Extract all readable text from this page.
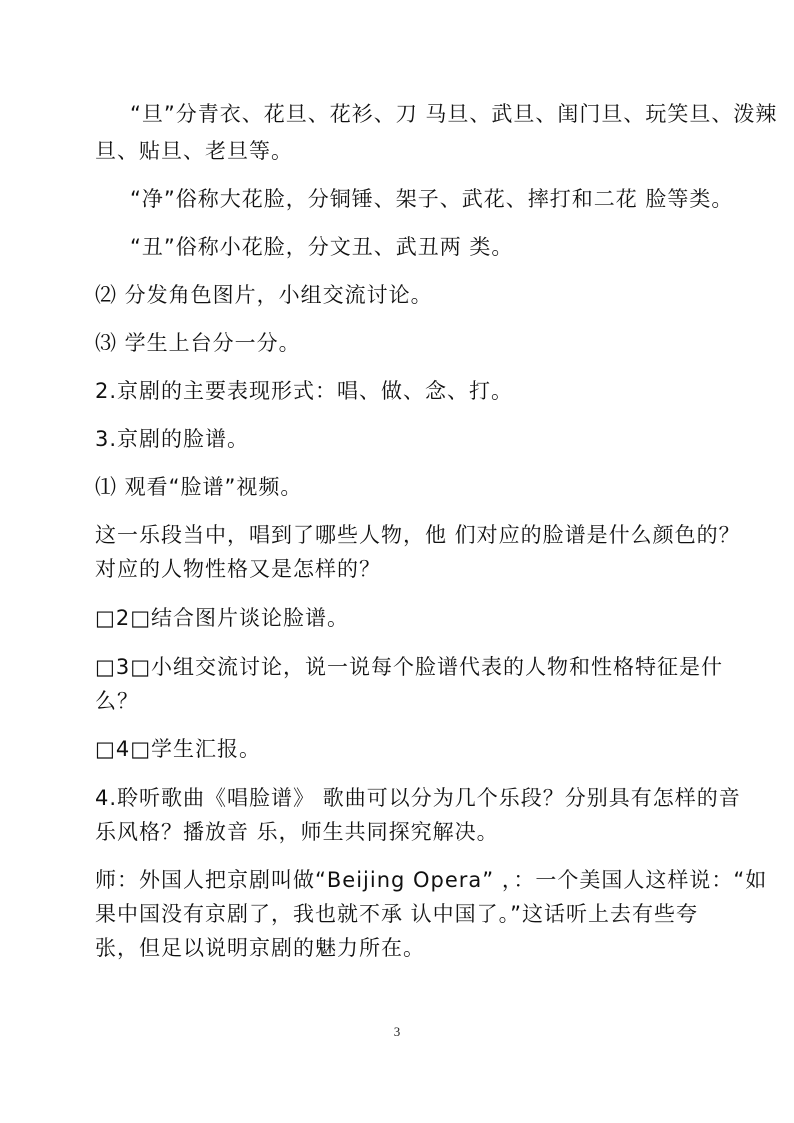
“旦”分青衣、花旦、花衫、刀 马旦、武旦、闺门旦、玩笑旦、泼辣
旦、贴旦、老旦等。
“净”俗称大花脸，分铜锤、架子、武花、摔打和二花 脸等类。
“丑”俗称小花脸，分文丑、武丑两 类。
⑵ 分发角色图片，小组交流讨论。
⑶ 学生上台分一分。
2.京剧的主要表现形式：唱、做、念、打。
3.京剧的脸谱。
⑴ 观看“脸谱”视频。
这一乐段当中，唱到了哪些人物，他 们对应的脸谱是什么颜色的？
对应的人物性格又是怎样的？
□2□结合图片谈论脸谱。
□3□小组交流讨论，说一说每个脸谱代表的人物和性格特征是什
么？
□4□学生汇报。
4.聆听歌曲《唱脸谱》 歌曲可以分为几个乐段？分别具有怎样的音
乐风格？播放音 乐，师生共同探究解决。
师：外国人把京剧叫做“Beijing Opera” ，：一个美国人这样说：“如
果中国没有京剧了，我也就不承 认中国了。”这话听上去有些夸
张，但足以说明京剧的魅力所在。
3
